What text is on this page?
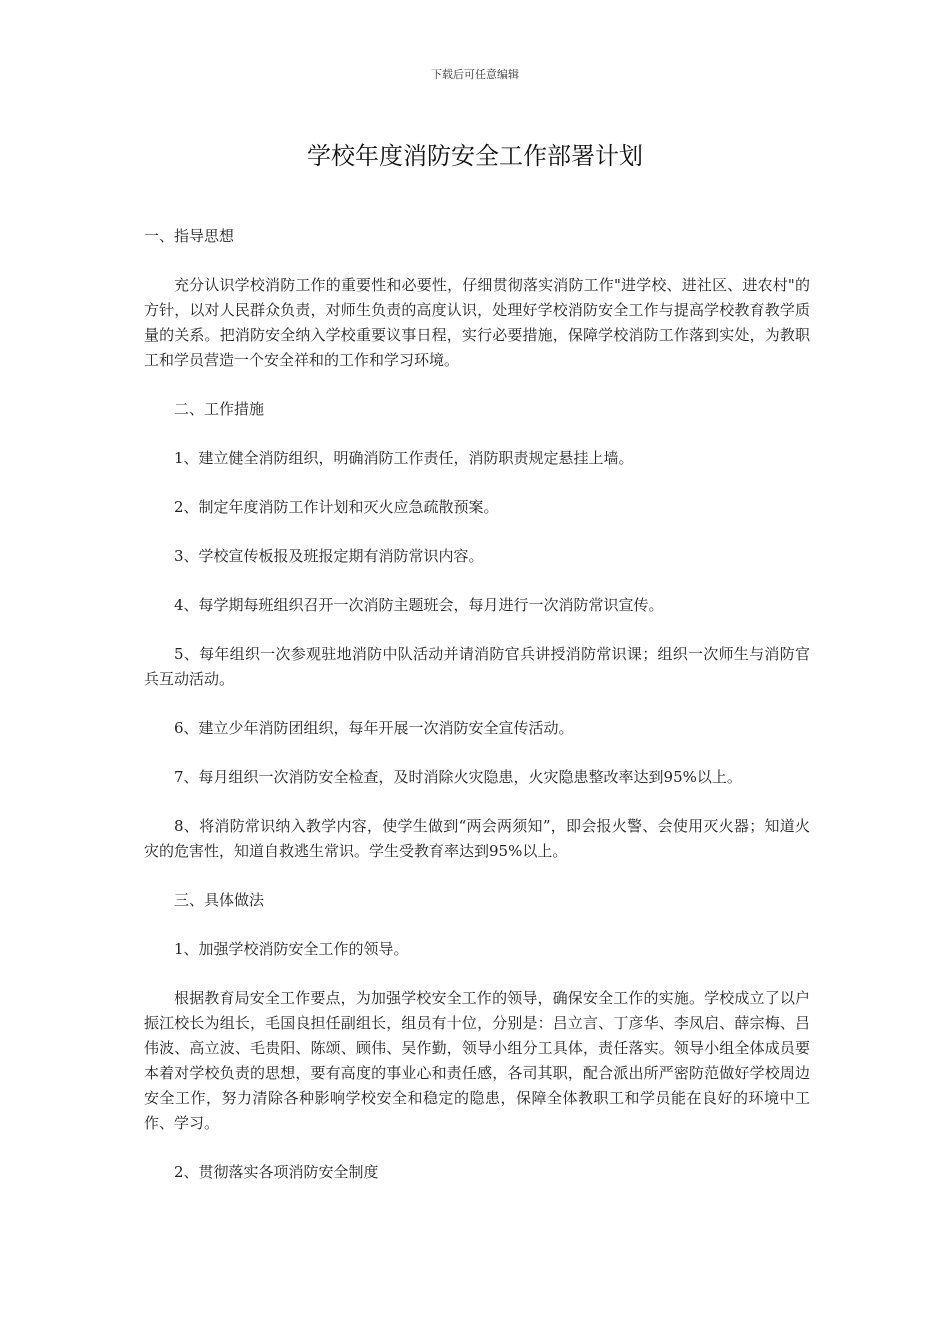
下载后可任意编辑
学校年度消防安全工作部署计划
一、指导思想

充分认识学校消防工作的重要性和必要性，仔细贯彻落实消防工作"进学校、进社区、进农村"的方针，以对人民群众负责，对师生负责的高度认识，处理好学校消防安全工作与提高学校教育教学质量的关系。把消防安全纳入学校重要议事日程，实行必要措施，保障学校消防工作落到实处，为教职工和学员营造一个安全祥和的工作和学习环境。

二、工作措施

1、建立健全消防组织，明确消防工作责任，消防职责规定悬挂上墙。

2、制定年度消防工作计划和灭火应急疏散预案。

3、学校宣传板报及班报定期有消防常识内容。

4、每学期每班组织召开一次消防主题班会，每月进行一次消防常识宣传。

5、每年组织一次参观驻地消防中队活动并请消防官兵讲授消防常识课；组织一次师生与消防官兵互动活动。

6、建立少年消防团组织，每年开展一次消防安全宣传活动。

7、每月组织一次消防安全检查，及时消除火灾隐患，火灾隐患整改率达到95%以上。

8、将消防常识纳入教学内容，使学生做到“两会两须知”，即会报火警、会使用灭火器；知道火灾的危害性，知道自救逃生常识。学生受教育率达到95%以上。

三、具体做法

1、加强学校消防安全工作的领导。

根据教育局安全工作要点，为加强学校安全工作的领导，确保安全工作的实施。学校成立了以户振江校长为组长，毛国良担任副组长，组员有十位，分别是：吕立言、丁彦华、李凤启、薛宗梅、吕伟波、高立波、毛贵阳、陈颂、顾伟、吴作勤，领导小组分工具体，责任落实。领导小组全体成员要本着对学校负责的思想，要有高度的事业心和责任感，各司其职，配合派出所严密防范做好学校周边安全工作，努力清除各种影响学校安全和稳定的隐患，保障全体教职工和学员能在良好的环境中工作、学习。

2、贯彻落实各项消防安全制度
